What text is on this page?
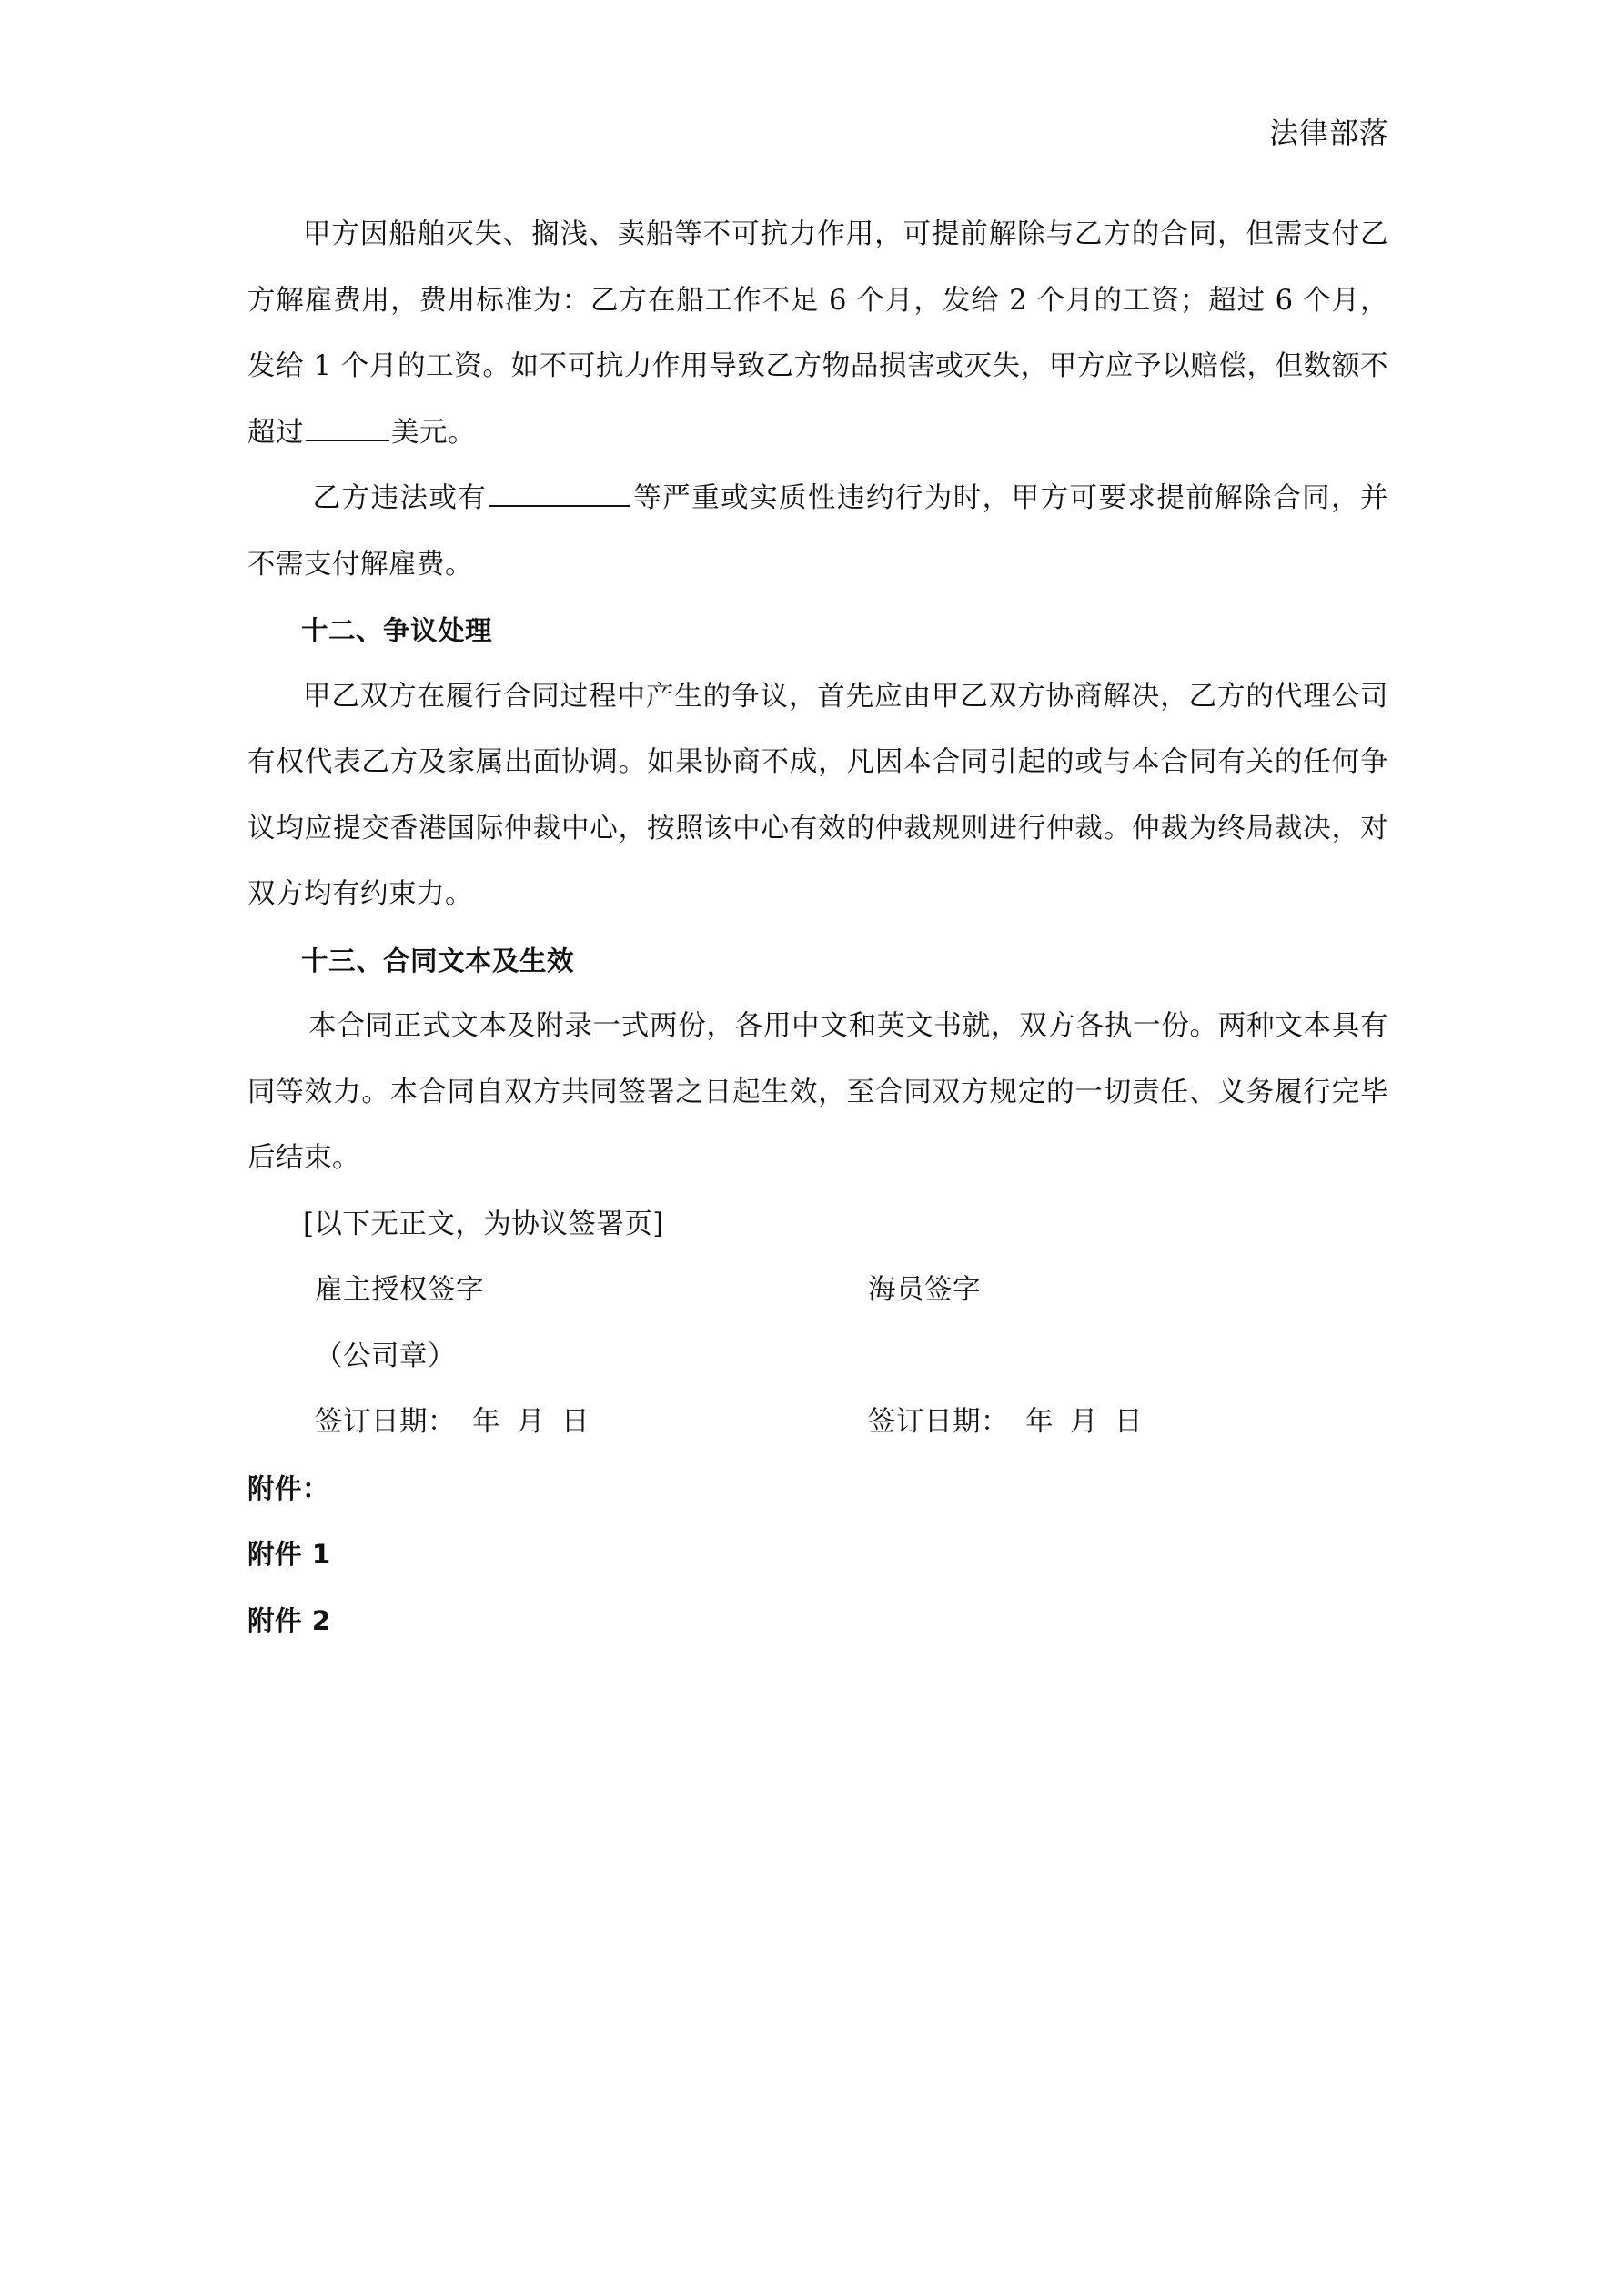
法律部落

甲方因船舶灭失、搁浅、卖船等不可抗力作用，可提前解除与乙方的合同，但需支付乙方解雇费用，费用标准为：乙方在船工作不足 6 个月，发给 2 个月的工资；超过 6 个月，发给 1 个月的工资。如不可抗力作用导致乙方物品损害或灭失，甲方应予以赔偿，但数额不超过	美元。

乙方违法或有	等严重或实质性违约行为时，甲方可要求提前解除合同，并不需支付解雇费。

十二、争议处理

甲乙双方在履行合同过程中产生的争议，首先应由甲乙双方协商解决，乙方的代理公司有权代表乙方及家属出面协调。如果协商不成，凡因本合同引起的或与本合同有关的任何争议均应提交香港国际仲裁中心，按照该中心有效的仲裁规则进行仲裁。仲裁为终局裁决，对双方均有约束力。

十三、合同文本及生效

本合同正式文本及附录一式两份，各用中文和英文书就，双方各执一份。两种文本具有同等效力。本合同自双方共同签署之日起生效，至合同双方规定的一切责任、义务履行完毕后结束。

[以下无正文，为协议签署页]

雇主授权签字	海员签字
（公司章）
签订日期： 年 月 日	签订日期： 年 月 日

附件：

附件 1

附件 2
